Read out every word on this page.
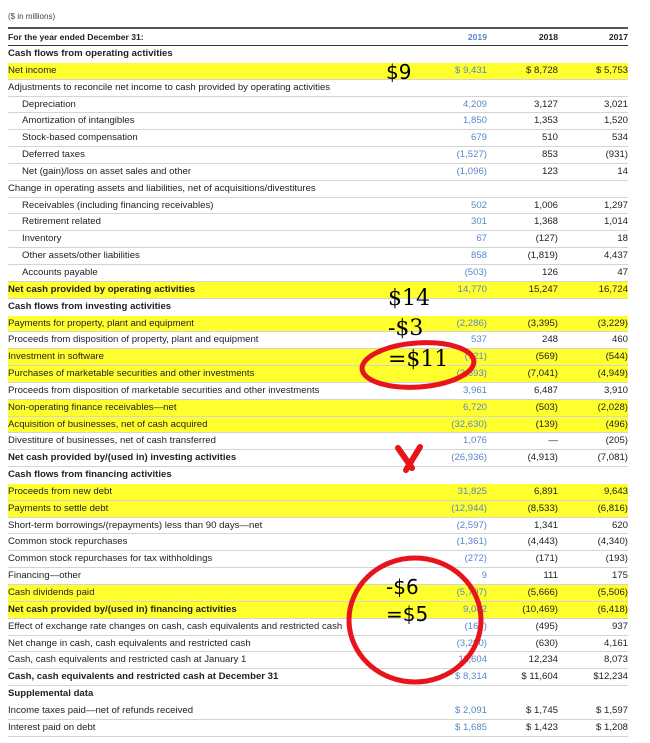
($ in millions)
For the year ended December 31:	2019	2018	2017
Cash flows from operating activities
Net income	$ 9,431	$ 8,728	$ 5,753
Adjustments to reconcile net income to cash provided by operating activities
Depreciation	4,209	3,127	3,021
Amortization of intangibles	1,850	1,353	1,520
Stock-based compensation	679	510	534
Deferred taxes	(1,527)	853	(931)
Net (gain)/loss on asset sales and other	(1,096)	123	14
Change in operating assets and liabilities, net of acquisitions/divestitures
Receivables (including financing receivables)	502	1,006	1,297
Retirement related	301	1,368	1,014
Inventory	67	(127)	18
Other assets/other liabilities	858	(1,819)	4,437
Accounts payable	(503)	126	47
Net cash provided by operating activities	14,770	15,247	16,724
Cash flows from investing activities
Payments for property, plant and equipment	(2,286)	(3,395)	(3,229)
Proceeds from disposition of property, plant and equipment	537	248	460
Investment in software	(721)	(569)	(544)
Purchases of marketable securities and other investments	(3,693)	(7,041)	(4,949)
Proceeds from disposition of marketable securities and other investments	3,961	6,487	3,910
Non-operating finance receivables—net	6,720	(503)	(2,028)
Acquisition of businesses, net of cash acquired	(32,630)	(139)	(496)
Divestiture of businesses, net of cash transferred	1,076	—	(205)
Net cash provided by/(used in) investing activities	(26,936)	(4,913)	(7,081)
Cash flows from financing activities
Proceeds from new debt	31,825	6,891	9,643
Payments to settle debt	(12,944)	(8,533)	(6,816)
Short-term borrowings/(repayments) less than 90 days—net	(2,597)	1,341	620
Common stock repurchases	(1,361)	(4,443)	(4,340)
Common stock repurchases for tax withholdings	(272)	(171)	(193)
Financing—other	9	111	175
Cash dividends paid	(5,707)	(5,666)	(5,506)
Net cash provided by/(used in) financing activities	9,042	(10,469)	(6,418)
Effect of exchange rate changes on cash, cash equivalents and restricted cash	(167)	(495)	937
Net change in cash, cash equivalents and restricted cash	(3,290)	(630)	4,161
Cash, cash equivalents and restricted cash at January 1	11,604	12,234	8,073
Cash, cash equivalents and restricted cash at December 31	$ 8,314	$ 11,604	$12,234
Supplemental data
Income taxes paid—net of refunds received	$ 2,091	$ 1,745	$ 1,597
Interest paid on debt	$ 1,685	$ 1,423	$ 1,208
$9
$14
-$3
=$11
-$6
=$5
